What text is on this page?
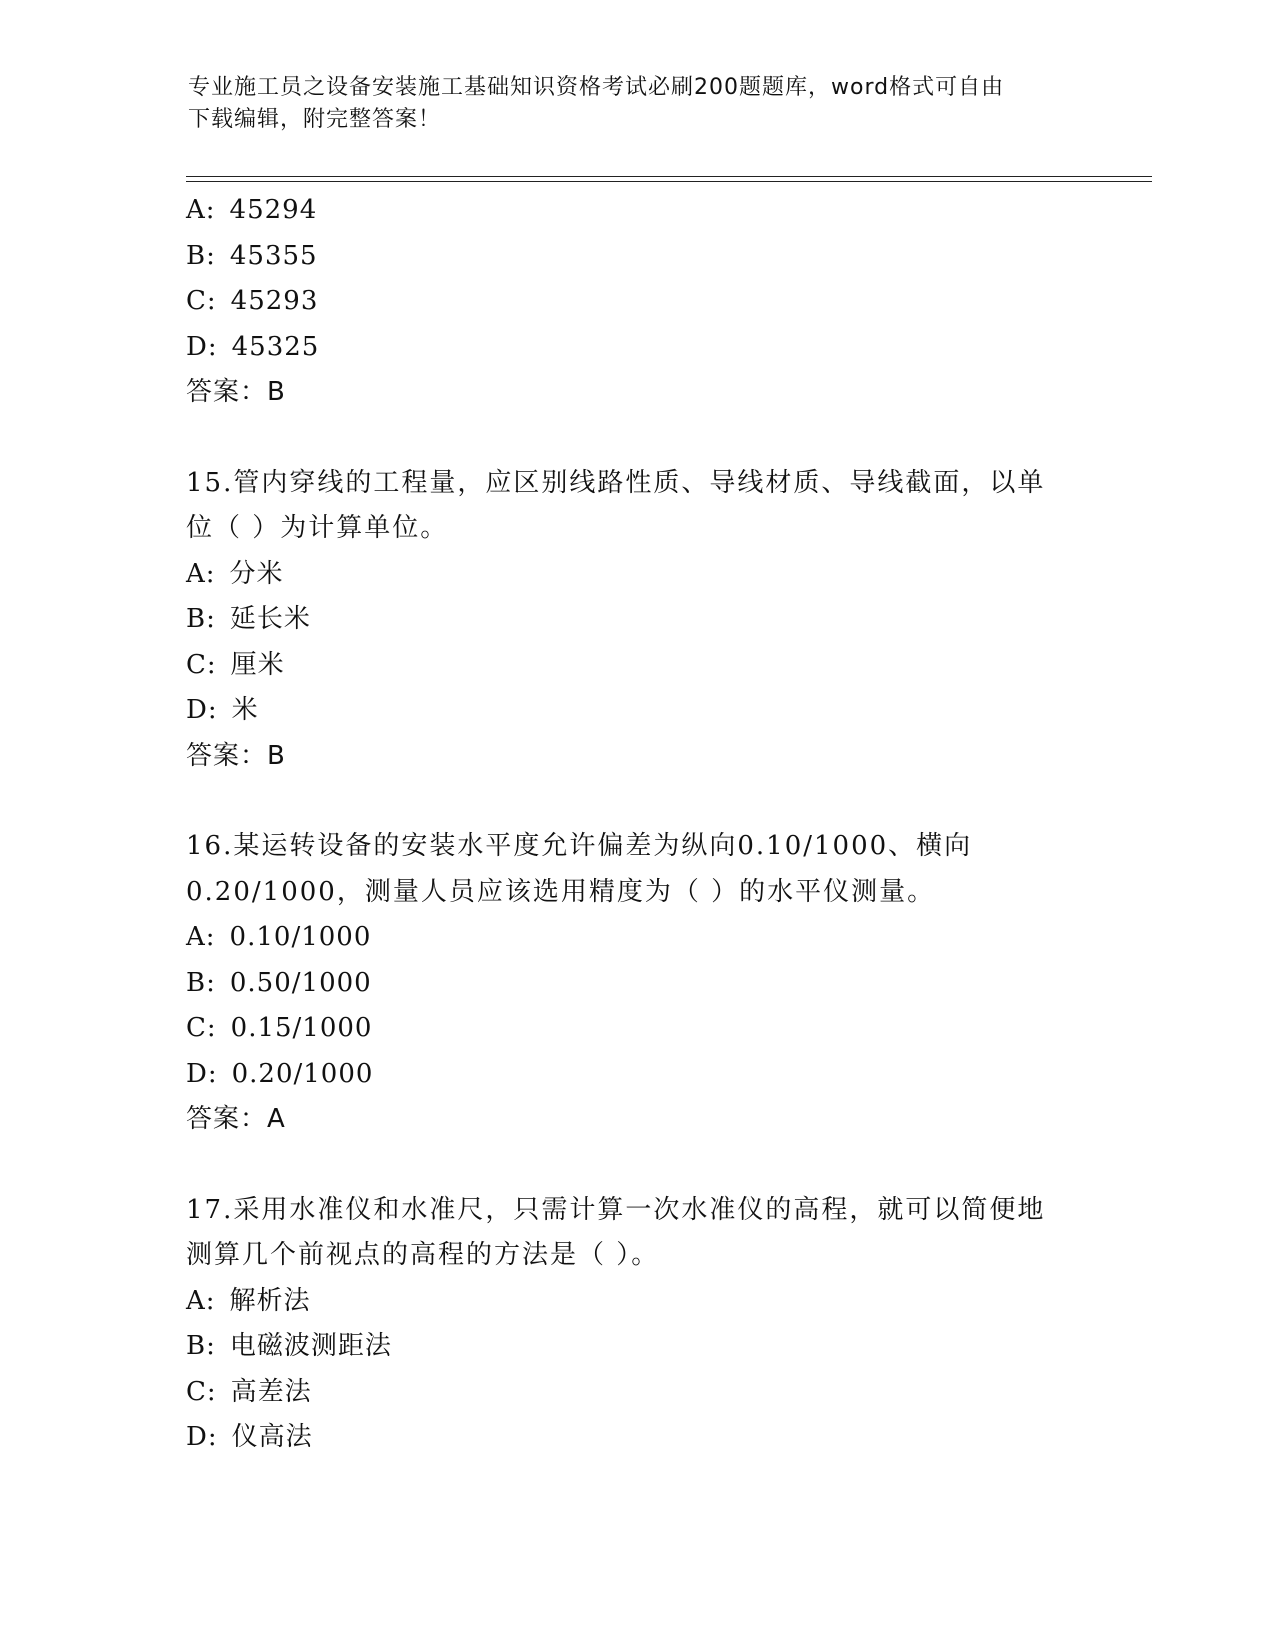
专业施工员之设备安装施工基础知识资格考试必刷200题题库，word格式可自由
下载编辑，附完整答案！
A: 45294
B: 45355
C: 45293
D: 45325
答案：B
15.管内穿线的工程量，应区别线路性质、导线材质、导线截面，以单
位（ ）为计算单位。
A: 分米
B: 延长米
C: 厘米
D: 米
答案：B
16.某运转设备的安装水平度允许偏差为纵向0.10/1000、横向
0.20/1000，测量人员应该选用精度为（ ）的水平仪测量。
A: 0.10/1000
B: 0.50/1000
C: 0.15/1000
D: 0.20/1000
答案：A
17.采用水准仪和水准尺，只需计算一次水准仪的高程，就可以简便地
测算几个前视点的高程的方法是（ ）。
A: 解析法
B: 电磁波测距法
C: 高差法
D: 仪高法
